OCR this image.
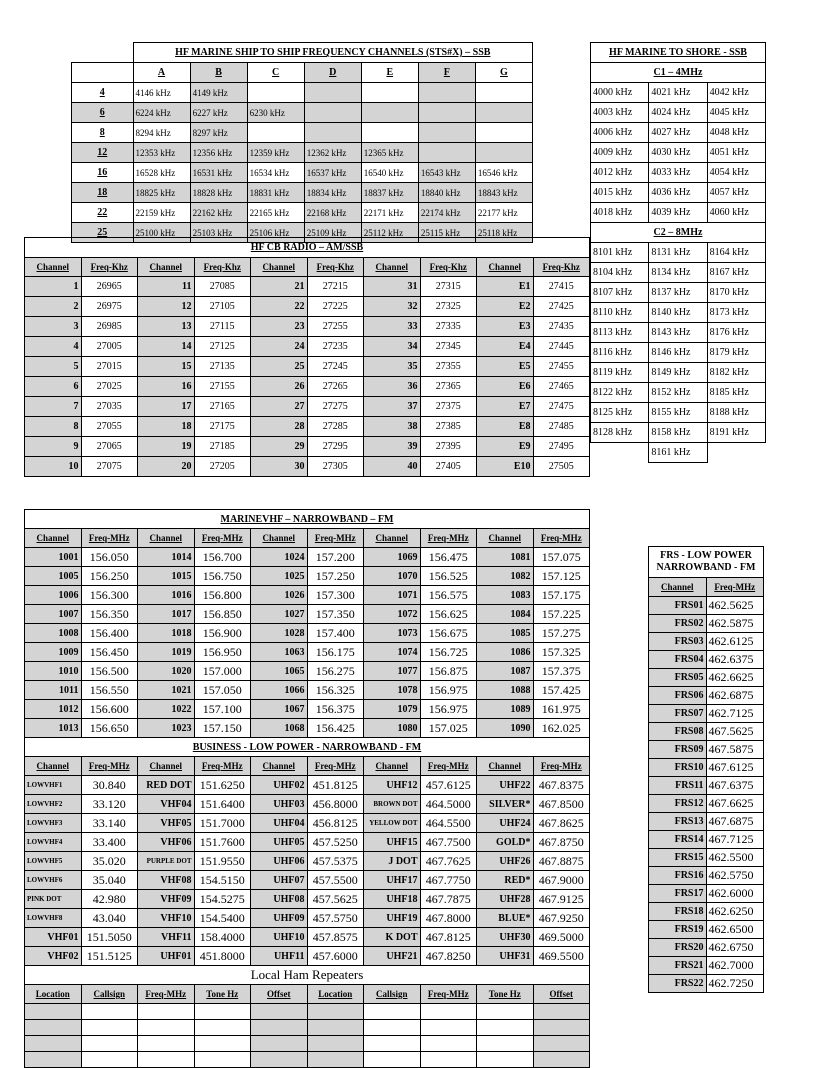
	HF MARINE SHIP TO SHIP FREQUENCY CHANNELS (STS#X) – SSB						
	A	B	C	D	E	F	G
4	4146 kHz	4149 kHz					
6	6224 kHz	6227 kHz	6230 kHz				
8	8294 kHz	8297 kHz					
12	12353 kHz	12356 kHz	12359 kHz	12362 kHz	12365 kHz		
16	16528 kHz	16531 kHz	16534 kHz	16537 kHz	16540 kHz	16543 kHz	16546 kHz
18	18825 kHz	18828 kHz	18831 kHz	18834 kHz	18837 kHz	18840 kHz	18843 kHz
22	22159 kHz	22162 kHz	22165 kHz	22168 kHz	22171 kHz	22174 kHz	22177 kHz
25	25100 kHz	25103 kHz	25106 kHz	25109 kHz	25112 kHz	25115 kHz	25118 kHz
HF MARINE TO SHORE - SSB		
C1 – 4MHz		
4000 kHz	4021 kHz	4042 kHz
4003 kHz	4024 kHz	4045 kHz
4006 kHz	4027 kHz	4048 kHz
4009 kHz	4030 kHz	4051 kHz
4012 kHz	4033 kHz	4054 kHz
4015 kHz	4036 kHz	4057 kHz
4018 kHz	4039 kHz	4060 kHz
C2 – 8MHz		
8101 kHz	8131 kHz	8164 kHz
8104 kHz	8134 kHz	8167 kHz
8107 kHz	8137 kHz	8170 kHz
8110 kHz	8140 kHz	8173 kHz
8113 kHz	8143 kHz	8176 kHz
8116 kHz	8146 kHz	8179 kHz
8119 kHz	8149 kHz	8182 kHz
8122 kHz	8152 kHz	8185 kHz
8125 kHz	8155 kHz	8188 kHz
8128 kHz	8158 kHz	8191 kHz
	8161 kHz	
HF CB RADIO – AM/SSB									
Channel	Freq-Khz	Channel	Freq-Khz	Channel	Freq-Khz	Channel	Freq-Khz	Channel	Freq-Khz
1	26965	11	27085	21	27215	31	27315	E1	27415
2	26975	12	27105	22	27225	32	27325	E2	27425
3	26985	13	27115	23	27255	33	27335	E3	27435
4	27005	14	27125	24	27235	34	27345	E4	27445
5	27015	15	27135	25	27245	35	27355	E5	27455
6	27025	16	27155	26	27265	36	27365	E6	27465
7	27035	17	27165	27	27275	37	27375	E7	27475
8	27055	18	27175	28	27285	38	27385	E8	27485
9	27065	19	27185	29	27295	39	27395	E9	27495
10	27075	20	27205	30	27305	40	27405	E10	27505
MARINEVHF – NARROWBAND – FM									
Channel	Freq-MHz	Channel	Freq-MHz	Channel	Freq-MHz	Channel	Freq-MHz	Channel	Freq-MHz
1001	156.050	1014	156.700	1024	157.200	1069	156.475	1081	157.075
1005	156.250	1015	156.750	1025	157.250	1070	156.525	1082	157.125
1006	156.300	1016	156.800	1026	157.300	1071	156.575	1083	157.175
1007	156.350	1017	156.850	1027	157.350	1072	156.625	1084	157.225
1008	156.400	1018	156.900	1028	157.400	1073	156.675	1085	157.275
1009	156.450	1019	156.950	1063	156.175	1074	156.725	1086	157.325
1010	156.500	1020	157.000	1065	156.275	1077	156.875	1087	157.375
1011	156.550	1021	157.050	1066	156.325	1078	156.975	1088	157.425
1012	156.600	1022	157.100	1067	156.375	1079	156.975	1089	161.975
1013	156.650	1023	157.150	1068	156.425	1080	157.025	1090	162.025
BUSINESS - LOW POWER - NARROWBAND - FM									
Channel	Freq-MHz	Channel	Freq-MHz	Channel	Freq-MHz	Channel	Freq-MHz	Channel	Freq-MHz
LOWVHF1	30.840	RED DOT	151.6250	UHF02	451.8125	UHF12	457.6125	UHF22	467.8375
LOWVHF2	33.120	VHF04	151.6400	UHF03	456.8000	BROWN DOT	464.5000	SILVER*	467.8500
LOWVHF3	33.140	VHF05	151.7000	UHF04	456.8125	YELLOW DOT	464.5500	UHF24	467.8625
LOWVHF4	33.400	VHF06	151.7600	UHF05	457.5250	UHF15	467.7500	GOLD*	467.8750
LOWVHF5	35.020	PURPLE DOT	151.9550	UHF06	457.5375	J DOT	467.7625	UHF26	467.8875
LOWVHF6	35.040	VHF08	154.5150	UHF07	457.5500	UHF17	467.7750	RED*	467.9000
PINK DOT	42.980	VHF09	154.5275	UHF08	457.5625	UHF18	467.7875	UHF28	467.9125
LOWVHF8	43.040	VHF10	154.5400	UHF09	457.5750	UHF19	467.8000	BLUE*	467.9250
VHF01	151.5050	VHF11	158.4000	UHF10	457.8575	K DOT	467.8125	UHF30	469.5000
VHF02	151.5125	UHF01	451.8000	UHF11	457.6000	UHF21	467.8250	UHF31	469.5500
Local Ham Repeaters									
Location	Callsign	Freq-MHz	Tone Hz	Offset	Location	Callsign	Freq-MHz	Tone Hz	Offset

FRS - LOW POWER
NARROWBAND - FM	

Channel	Freq-MHz
FRS01	462.5625
FRS02	462.5875
FRS03	462.6125
FRS04	462.6375
FRS05	462.6625
FRS06	462.6875
FRS07	462.7125
FRS08	467.5625
FRS09	467.5875
FRS10	467.6125
FRS11	467.6375
FRS12	467.6625
FRS13	467.6875
FRS14	467.7125
FRS15	462.5500
FRS16	462.5750
FRS17	462.6000
FRS18	462.6250
FRS19	462.6500
FRS20	462.6750
FRS21	462.7000
FRS22	462.7250
